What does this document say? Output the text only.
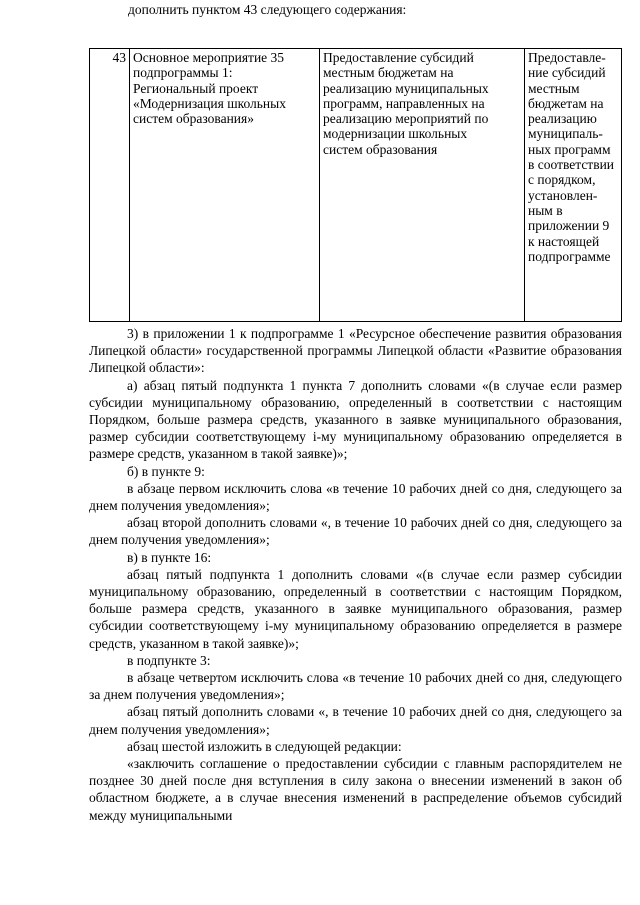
дополнить пунктом 43 следующего содержания:
43	Основное мероприятие 35
подпрограммы 1:
Региональный проект
«Модернизация школьных
систем образования»	Предоставление субсидий
местным бюджетам на
реализацию муниципальных
программ, направленных на
реализацию мероприятий по
модернизации школьных
систем образования	Предоставле-
ние субсидий
местным
бюджетам на
реализацию
муниципаль-
ных программ
в соответствии
с порядком,
установлен-
ным в
приложении 9
к настоящей
подпрограмме

3) в приложении 1 к подпрограмме 1 «Ресурсное обеспечение развития образования Липецкой области» государственной программы Липецкой области «Развитие образования Липецкой области»:

а) абзац пятый подпункта 1 пункта 7 дополнить словами «(в случае если размер субсидии муниципальному образованию, определенный в соответствии с настоящим Порядком, больше размера средств, указанного в заявке муниципального образования, размер субсидии соответствующему i-му муниципальному образованию определяется в размере средств, указанном в такой заявке)»;

б) в пункте 9:

в абзаце первом исключить слова «в течение 10 рабочих дней со дня, следующего за днем получения уведомления»;

абзац второй дополнить словами «, в течение 10 рабочих дней со дня, следующего за днем получения уведомления»;

в) в пункте 16:

абзац пятый подпункта 1 дополнить словами «(в случае если размер субсидии муниципальному образованию, определенный в соответствии с настоящим Порядком, больше размера средств, указанного в заявке муниципального образования, размер субсидии соответствующему i-му муниципальному образованию определяется в размере средств, указанном в такой заявке)»;

в подпункте 3:

в абзаце четвертом исключить слова «в течение 10 рабочих дней со дня, следующего за днем получения уведомления»;

абзац пятый дополнить словами «, в течение 10 рабочих дней со дня, следующего за днем получения уведомления»;

абзац шестой изложить в следующей редакции:

«заключить соглашение о предоставлении субсидии с главным распорядителем не позднее 30 дней после дня вступления в силу закона о внесении изменений в закон об областном бюджете, а в случае внесения изменений в распределение объемов субсидий между муниципальными
